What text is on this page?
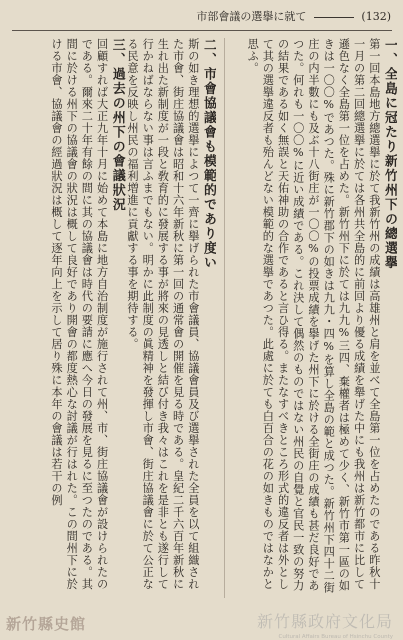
市部會議の選擧に就て	(132)

一、全島に冠たり新竹州下の總選擧

第一回本島地方總選擧に於て我新竹州の成績は高雄州と肩を並べて全島第一位を占めたのである昨秋十一月の第二回總選擧に於ては各州共全島的に前回より優る成績を舉げた中にも我州は新竹都市に比して遜色なく全島第一位を占めた。新竹州下に於ては九九%三四、棄權者は極めて少く、新竹市第一區の如きは一〇〇%であつた。殊に新竹郡下の如きは九九・四%を算し全島の範と成つた。新竹州下四十二街庄の内半數にも及ぶ十八街庄が一〇〇%の投票成績を擧げた州下に於ける全街庄の成績も甚だ良好であつた。何れも一〇〇%に近い成績である。これ決して偶然のものではない州民の自覺と官民一致の努力の結果である如く無誤と天佑神助の合作であると言ひ得る。またなすべきところ形式的違反者は外として其の選擧違反者も殆んどない模範的な選擧であつた。此處に於ても白百合の花の如きものではなかと思ふ。

二、市會協議會も模範的であり度い

斯の如き理想的選擧によつて一齊に擧げられた市會議員、協議會員及び選擧された全員を以て組織された市會、街庄協議會は昭和十六年新秋に第一回の通常會の開催を見る時である。皇紀二千六百年新秋に生れ出た新制度が一段と敎育的に發展する事が將來の見透しと結び付き我々はこれを是非とも遂行して行かねばならない事は言ふまでもない。明かに此制度の眞精神を發揮し市會、街庄協議會に於て公正なる民意を反映し州民の福利増進に貢獻する事を期待する。

三、過去の州下の會議狀況

回顧すれば大正九年十月に始めて本島に地方自治制度が施行されて州、市、街庄協議會が設けられたのである。爾來二十年有餘の間に其の協議會は時代の要請に應へ今日の發展を見るに至つたのである。其間に於ける州下の協議會の狀況は概して良好であり開會の都度熱心な討議が行はれた。この間州下に於ける市會、協議會の經過狀況は概して逐年向上を示して居り殊に本年の會議は若干の例

新竹縣史館	新竹縣政府文化局
Cultural Affairs Bureau of Hsinchu County
